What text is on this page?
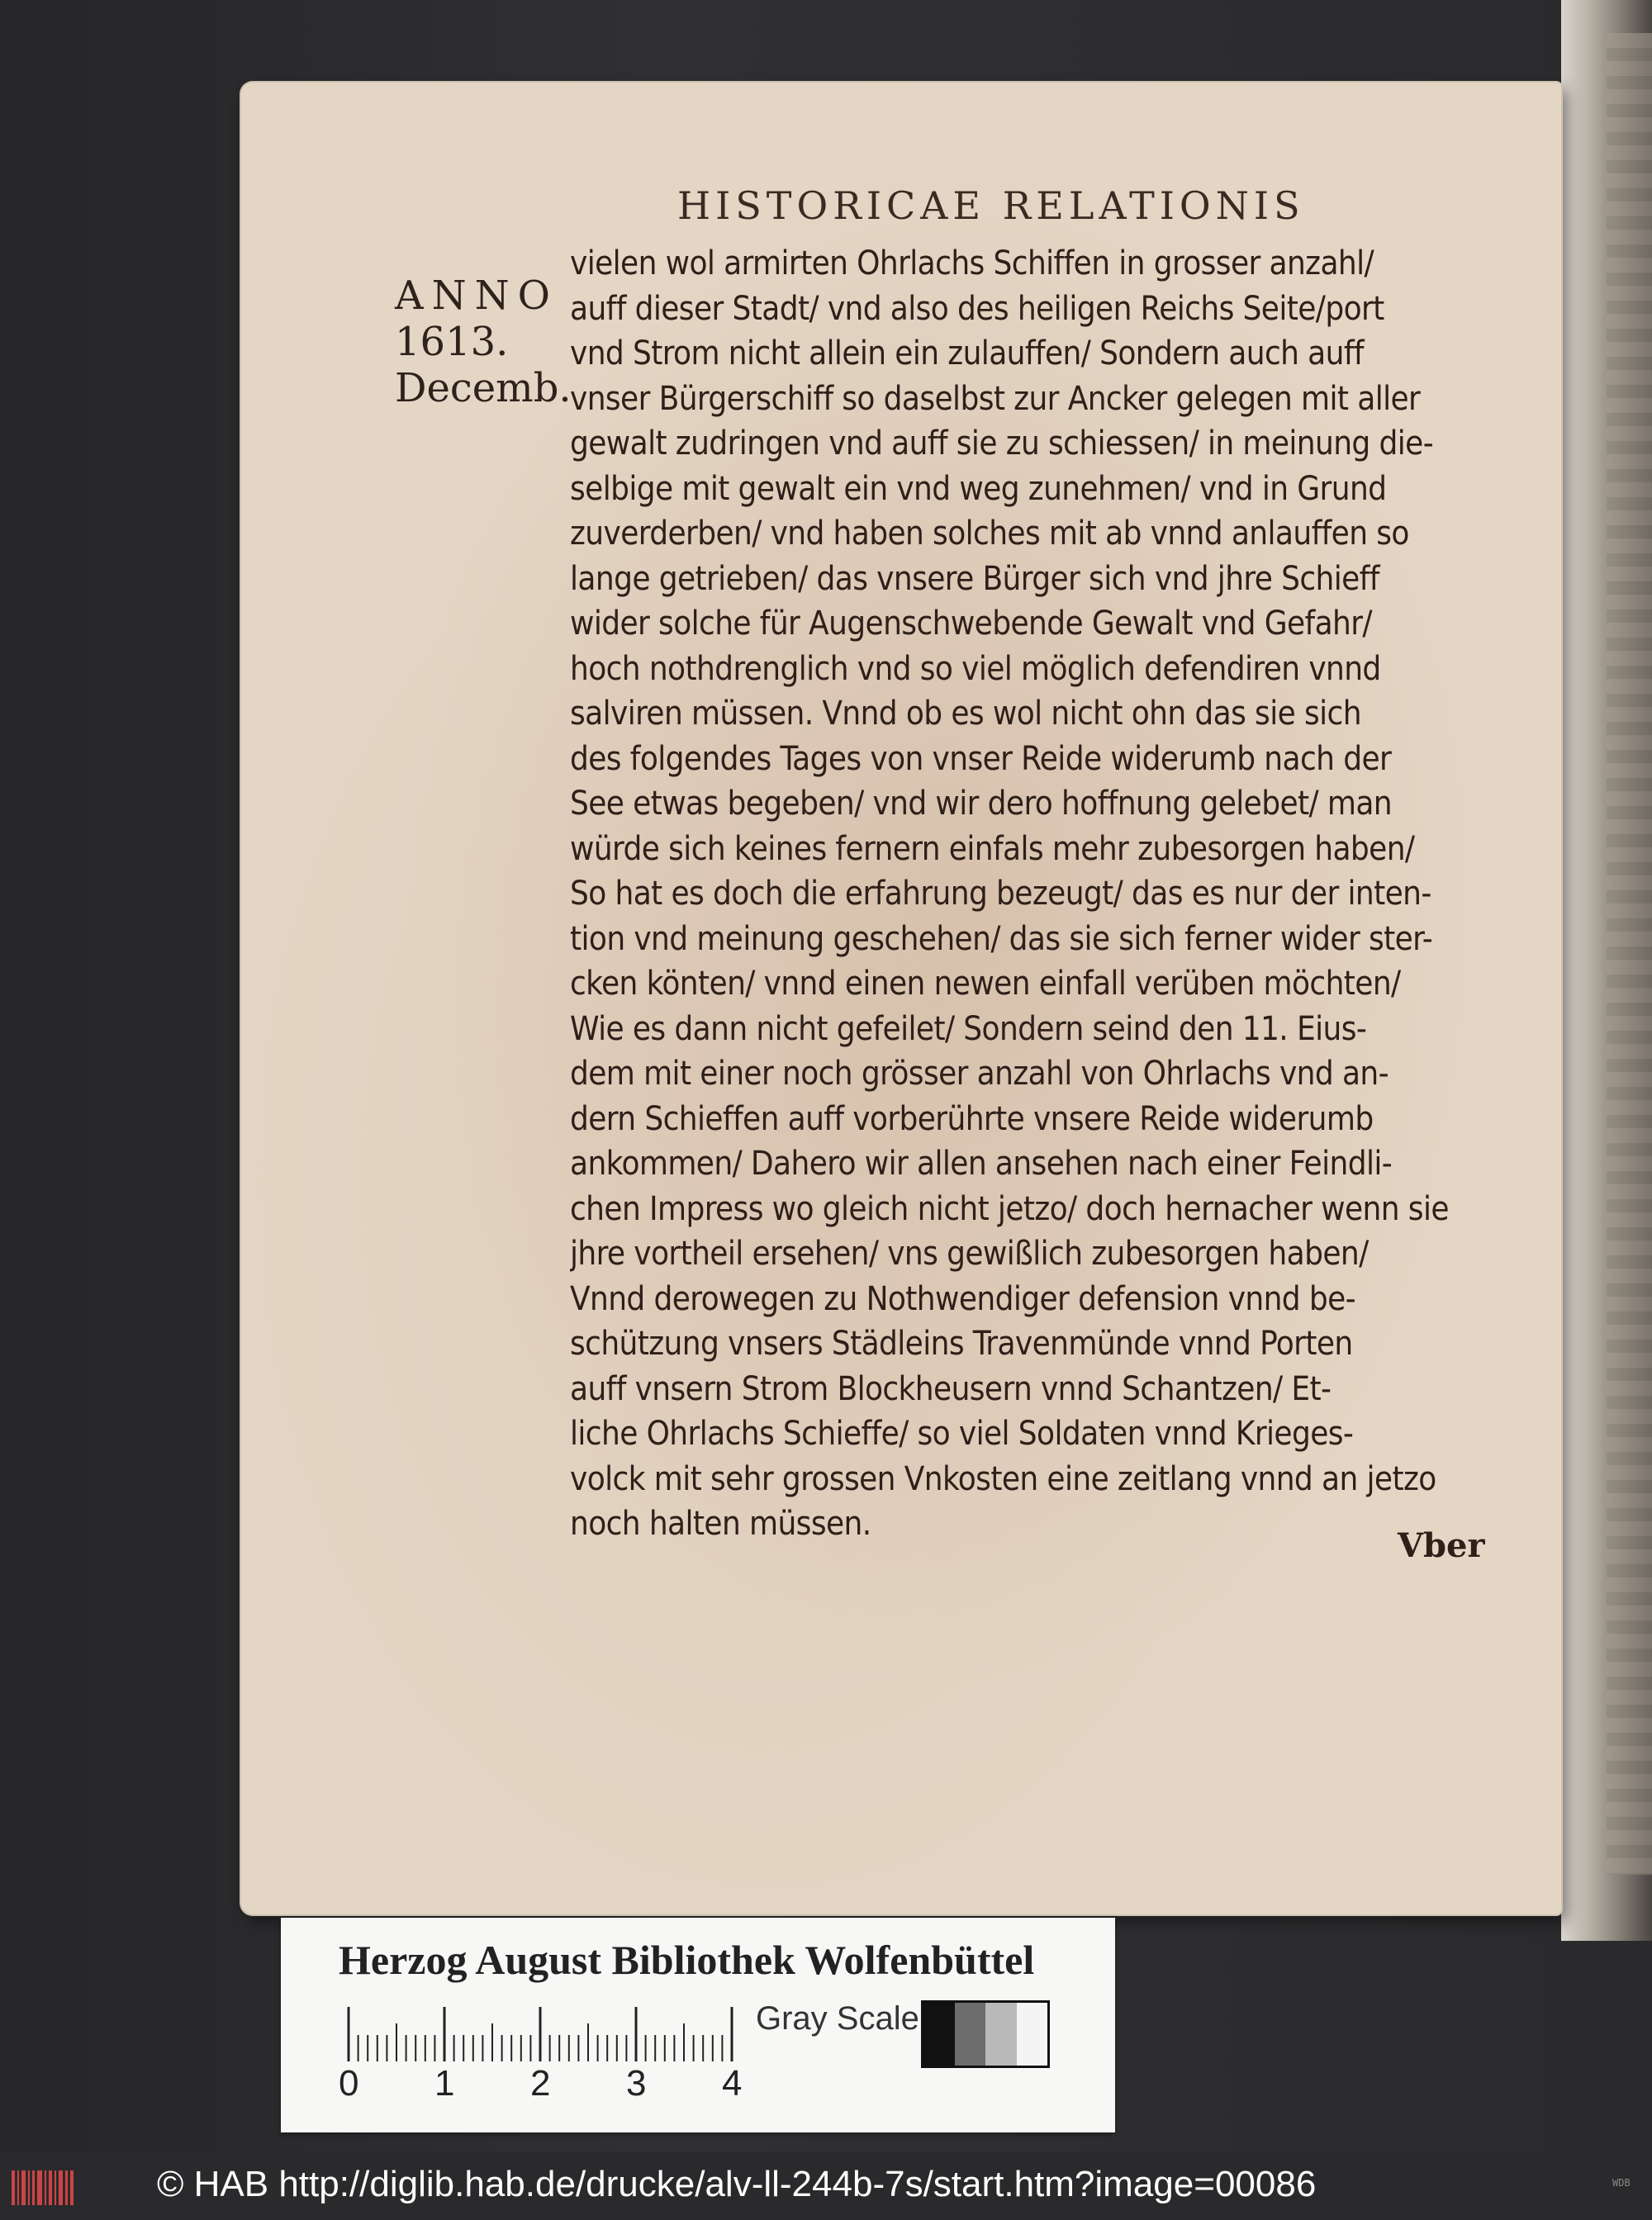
HISTORICAE RELATIONIS
ANNO
1613.
Decemb.
vielen wol armirten Ohrlachs Schiffen in grosser anzahl/
auff dieser Stadt/ vnd also des heiligen Reichs Seite/port
vnd Strom nicht allein ein zulauffen/ Sondern auch auff
vnser Bürgerschiff so daselbst zur Ancker gelegen mit aller
gewalt zudringen vnd auff sie zu schiessen/ in meinung die-
selbige mit gewalt ein vnd weg zunehmen/ vnd in Grund
zuverderben/ vnd haben solches mit ab vnnd anlauffen so
lange getrieben/ das vnsere Bürger sich vnd jhre Schieff
wider solche für Augenschwebende Gewalt vnd Gefahr/
hoch nothdrenglich vnd so viel möglich defendiren vnnd
salviren müssen. Vnnd ob es wol nicht ohn das sie sich
des folgendes Tages von vnser Reide widerumb nach der
See etwas begeben/ vnd wir dero hoffnung gelebet/ man
würde sich keines fernern einfals mehr zubesorgen haben/
So hat es doch die erfahrung bezeugt/ das es nur der inten-
tion vnd meinung geschehen/ das sie sich ferner wider ster-
cken könten/ vnnd einen newen einfall verüben möchten/
Wie es dann nicht gefeilet/ Sondern seind den 11. Eius-
dem mit einer noch grösser anzahl von Ohrlachs vnd an-
dern Schieffen auff vorberührte vnsere Reide widerumb
ankommen/ Dahero wir allen ansehen nach einer Feindli-
chen Impress wo gleich nicht jetzo/ doch hernacher wenn sie
jhre vortheil ersehen/ vns gewißlich zubesorgen haben/
Vnnd derowegen zu Nothwendiger defension vnnd be-
schützung vnsers Städleins Travenmünde vnnd Porten
auff vnsern Strom Blockheusern vnnd Schantzen/ Et-
liche Ohrlachs Schieffe/ so viel Soldaten vnnd Krieges-
volck mit sehr grossen Vnkosten eine zeitlang vnnd an jetzo
noch halten müssen.
Vber
Herzog August Bibliothek Wolfenbüttel
0 1 2 3 4
Gray Scale
© HAB http://diglib.hab.de/drucke/alv-ll-244b-7s/start.htm?image=00086	WDB
